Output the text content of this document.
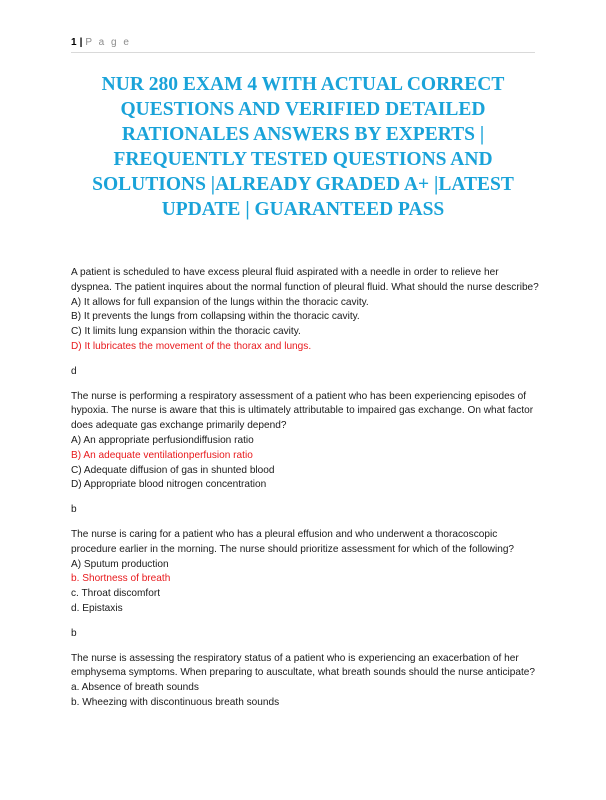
1 | P a g e
NUR 280 EXAM 4 WITH ACTUAL CORRECT QUESTIONS AND VERIFIED DETAILED RATIONALES ANSWERS BY EXPERTS | FREQUENTLY TESTED QUESTIONS AND SOLUTIONS |ALREADY GRADED A+ |LATEST UPDATE | GUARANTEED PASS

A patient is scheduled to have excess pleural fluid aspirated with a needle in order to relieve her dyspnea. The patient inquires about the normal function of pleural fluid. What should the nurse describe?

A) It allows for full expansion of the lungs within the thoracic cavity.

B) It prevents the lungs from collapsing within the thoracic cavity.

C) It limits lung expansion within the thoracic cavity.

D) It lubricates the movement of the thorax and lungs.

d

The nurse is performing a respiratory assessment of a patient who has been experiencing episodes of hypoxia. The nurse is aware that this is ultimately attributable to impaired gas exchange. On what factor does adequate gas exchange primarily depend?

A) An appropriate perfusiondiffusion ratio

B) An adequate ventilationperfusion ratio

C) Adequate diffusion of gas in shunted blood

D) Appropriate blood nitrogen concentration

b

The nurse is caring for a patient who has a pleural effusion and who underwent a thoracoscopic procedure earlier in the morning. The nurse should prioritize assessment for which of the following?

A) Sputum production

b. Shortness of breath

c. Throat discomfort

d. Epistaxis

b

The nurse is assessing the respiratory status of a patient who is experiencing an exacerbation of her emphysema symptoms. When preparing to auscultate, what breath sounds should the nurse anticipate?

a. Absence of breath sounds

b. Wheezing with discontinuous breath sounds
